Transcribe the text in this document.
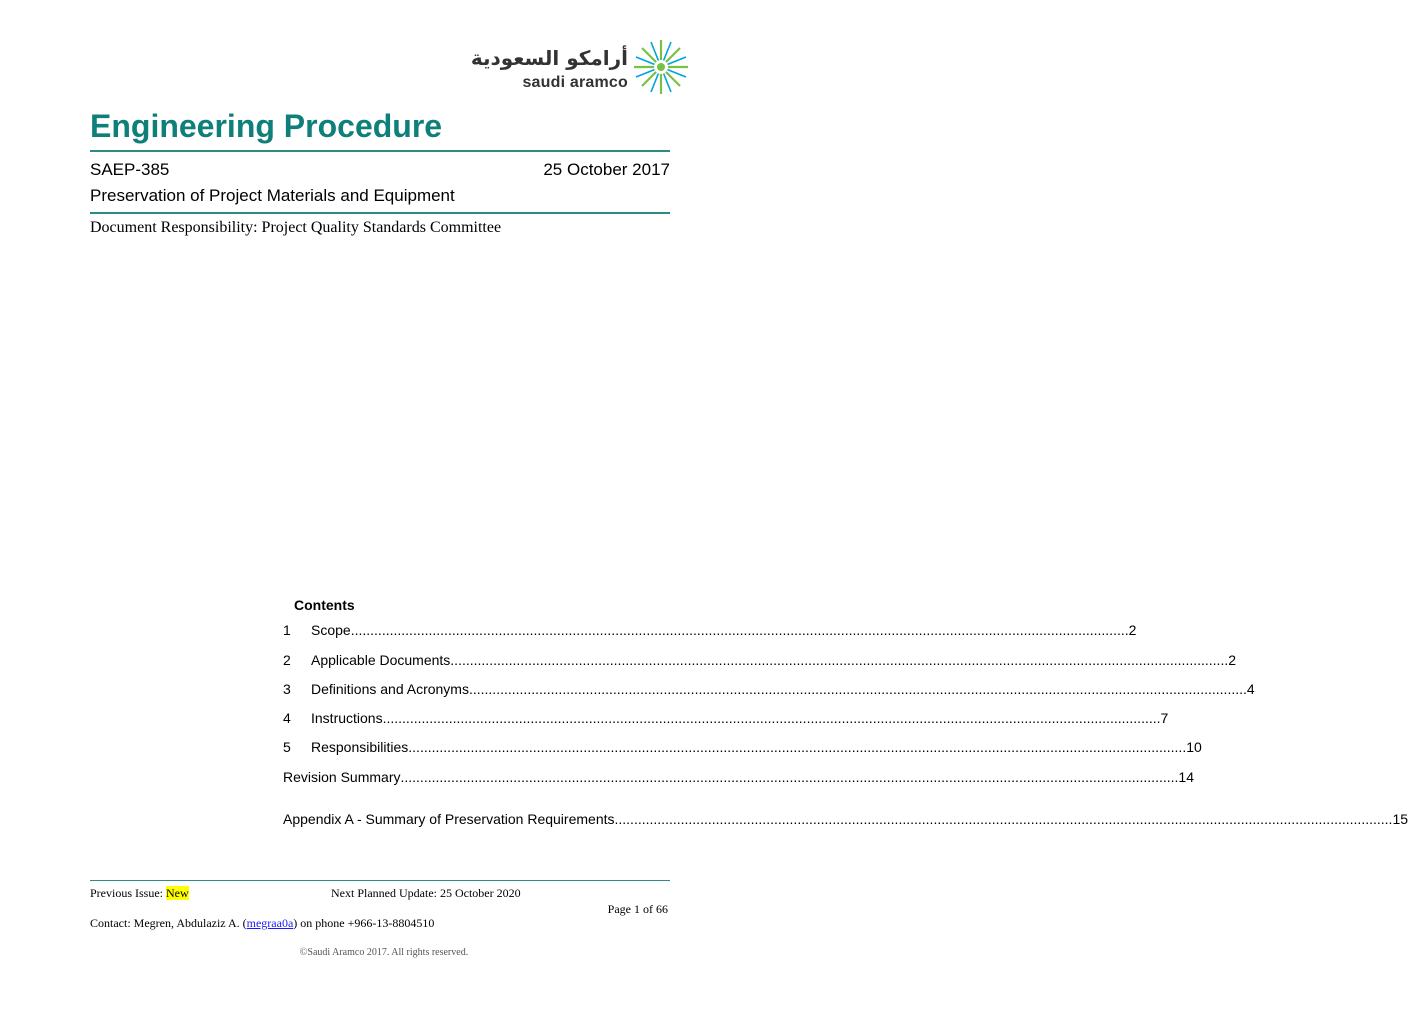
أرامكو السعودية
saudi aramco
Engineering Procedure
SAEP-385	25 October 2017
Preservation of Project Materials and Equipment
Document Responsibility: Project Quality Standards Committee
Contents
1	Scope ........................................................................................................................................................................................................ 2
2	Applicable Documents ........................................................................................................................................................................................................ 2
3	Definitions and Acronyms ........................................................................................................................................................................................................ 4
4	Instructions ........................................................................................................................................................................................................ 7
5	Responsibilities ........................................................................................................................................................................................................ 10
Revision Summary ........................................................................................................................................................................................................ 14
Appendix A - Summary of Preservation Requirements ........................................................................................................................................................................................................ 15
Previous Issue: New	Next Planned Update: 25 October 2020
Page 1 of 66
Contact: Megren, Abdulaziz A. (megraa0a) on phone +966-13-8804510
©Saudi Aramco 2017. All rights reserved.
